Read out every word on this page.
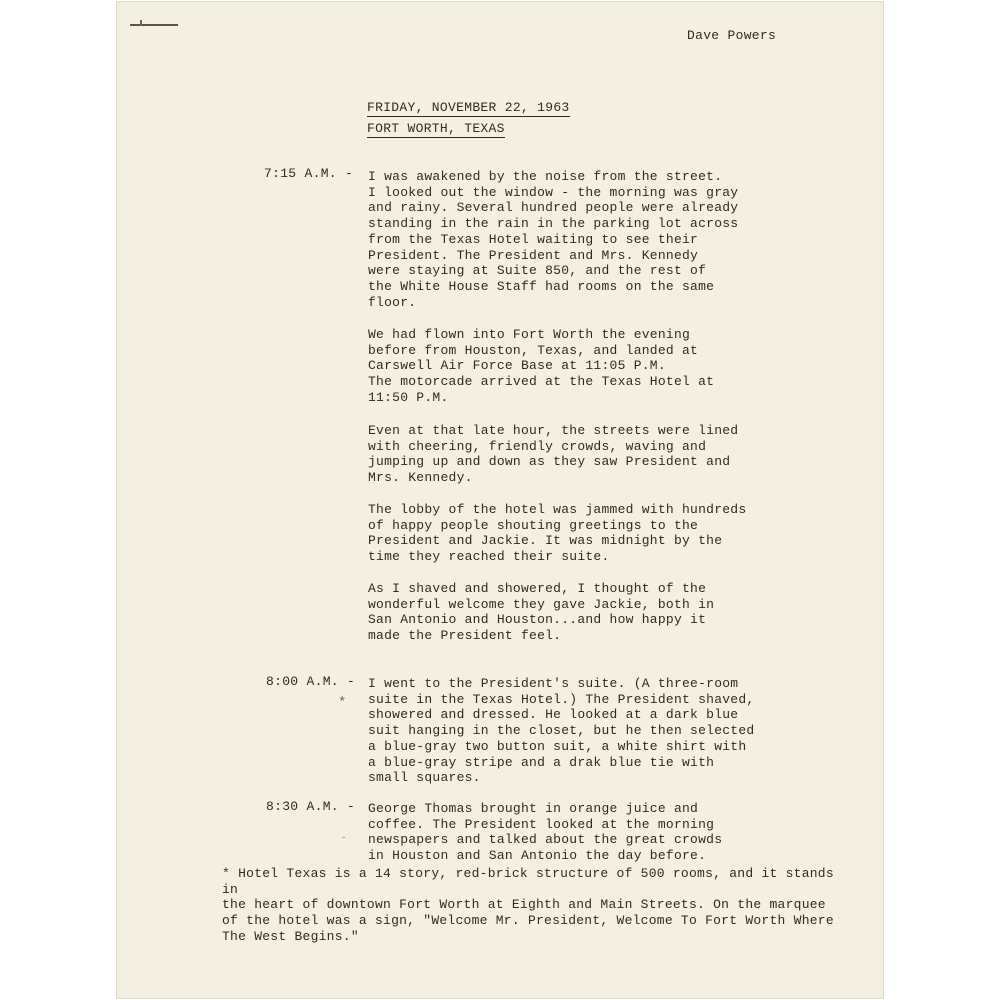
Dave Powers
FRIDAY, NOVEMBER 22, 1963
FORT WORTH, TEXAS
7:15 A.M. - I was awakened by the noise from the street.
I looked out the window - the morning was gray
and rainy. Several hundred people were already
standing in the rain in the parking lot across
from the Texas Hotel waiting to see their
President. The President and Mrs. Kennedy
were staying at Suite 850, and the rest of
the White House Staff had rooms on the same
floor.
We had flown into Fort Worth the evening
before from Houston, Texas, and landed at
Carswell Air Force Base at 11:05 P.M.
The motorcade arrived at the Texas Hotel at
11:50 P.M.
Even at that late hour, the streets were lined
with cheering, friendly crowds, waving and
jumping up and down as they saw President and
Mrs. Kennedy.
The lobby of the hotel was jammed with hundreds
of happy people shouting greetings to the
President and Jackie. It was midnight by the
time they reached their suite.
As I shaved and showered, I thought of the
wonderful welcome they gave Jackie, both in
San Antonio and Houston...and how happy it
made the President feel.
8:00 A.M. -
*
I went to the President's suite. (A three-room
suite in the Texas Hotel.) The President shaved,
showered and dressed. He looked at a dark blue
suit hanging in the closet, but he then selected
a blue-gray two button suit, a white shirt with
a blue-gray stripe and a drak blue tie with
small squares.
8:30 A.M. - George Thomas brought in orange juice and
coffee. The President looked at the morning
newspapers and talked about the great crowds
in Houston and San Antonio the day before.
ˉ
* Hotel Texas is a 14 story, red-brick structure of 500 rooms, and it stands in
the heart of downtown Fort Worth at Eighth and Main Streets. On the marquee
of the hotel was a sign, "Welcome Mr. President, Welcome To Fort Worth Where
The West Begins."
